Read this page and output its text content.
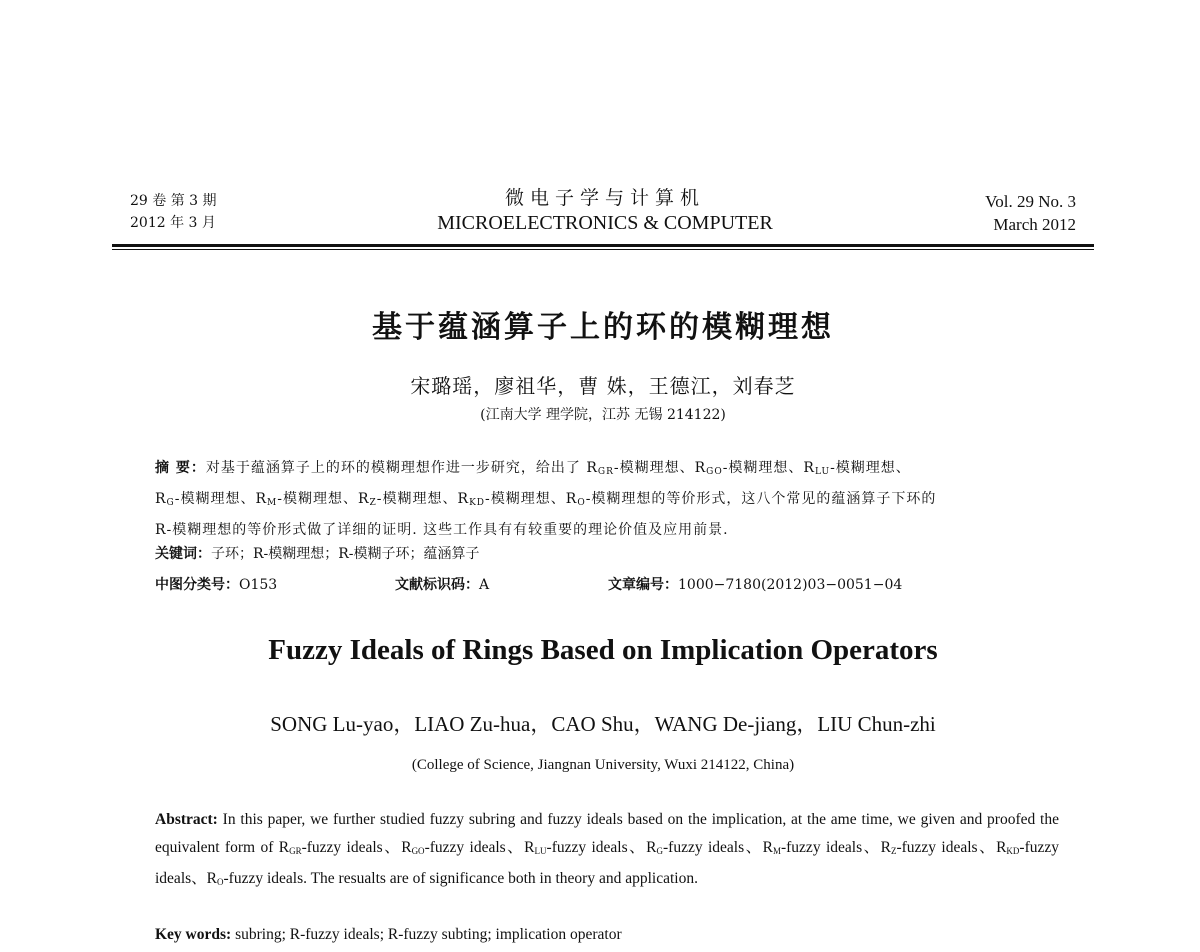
29 卷 第 3 期
2012 年 3 月
微电子学与计算机
MICROELECTRONICS & COMPUTER
Vol. 29 No. 3
March 2012
基于蕴涵算子上的环的模糊理想
宋璐瑶，廖祖华，曹 姝，王德江，刘春芝
(江南大学 理学院，江苏 无锡 214122)
摘 要：对基于蕴涵算子上的环的模糊理想作进一步研究，给出了 $R_{GR}-$模糊理想、$R_{GO}-$模糊理想、$R_{LU}-$模糊理想、
$R_G-$模糊理想、$R_M-$模糊理想、$R_Z-$模糊理想、$R_{KD}-$模糊理想、$R_O-$模糊理想的等价形式，这八个常见的蕴涵算子下环的
R-模糊理想的等价形式做了详细的证明. 这些工作具有有较重要的理论价值及应用前景.
关键词：子环；R-模糊理想；R-模糊子环；蕴涵算子
中图分类号：O153	文献标识码：A	文章编号：1000−7180(2012)03−0051−04
Fuzzy Ideals of Rings Based on Implication Operators
SONG Lu-yao，LIAO Zu-hua，CAO Shu，WANG De-jiang，LIU Chun-zhi
(College of Science, Jiangnan University, Wuxi 214122, China)
Abstract: In this paper, we further studied fuzzy subring and fuzzy ideals based on the implication, at the ame time, we given and proofed the equivalent form of $R_{GR}$-fuzzy ideals、$R_{GO}$-fuzzy ideals、$R_{LU}$-fuzzy ideals、$R_G$-fuzzy ideals、$R_M$-fuzzy ideals、$R_Z$-fuzzy ideals、$R_{KD}$-fuzzy ideals、$R_O$-fuzzy ideals. The resualts are of significance both in theory and application.
Key words: subring; R-fuzzy ideals; R-fuzzy subting; implication operator
